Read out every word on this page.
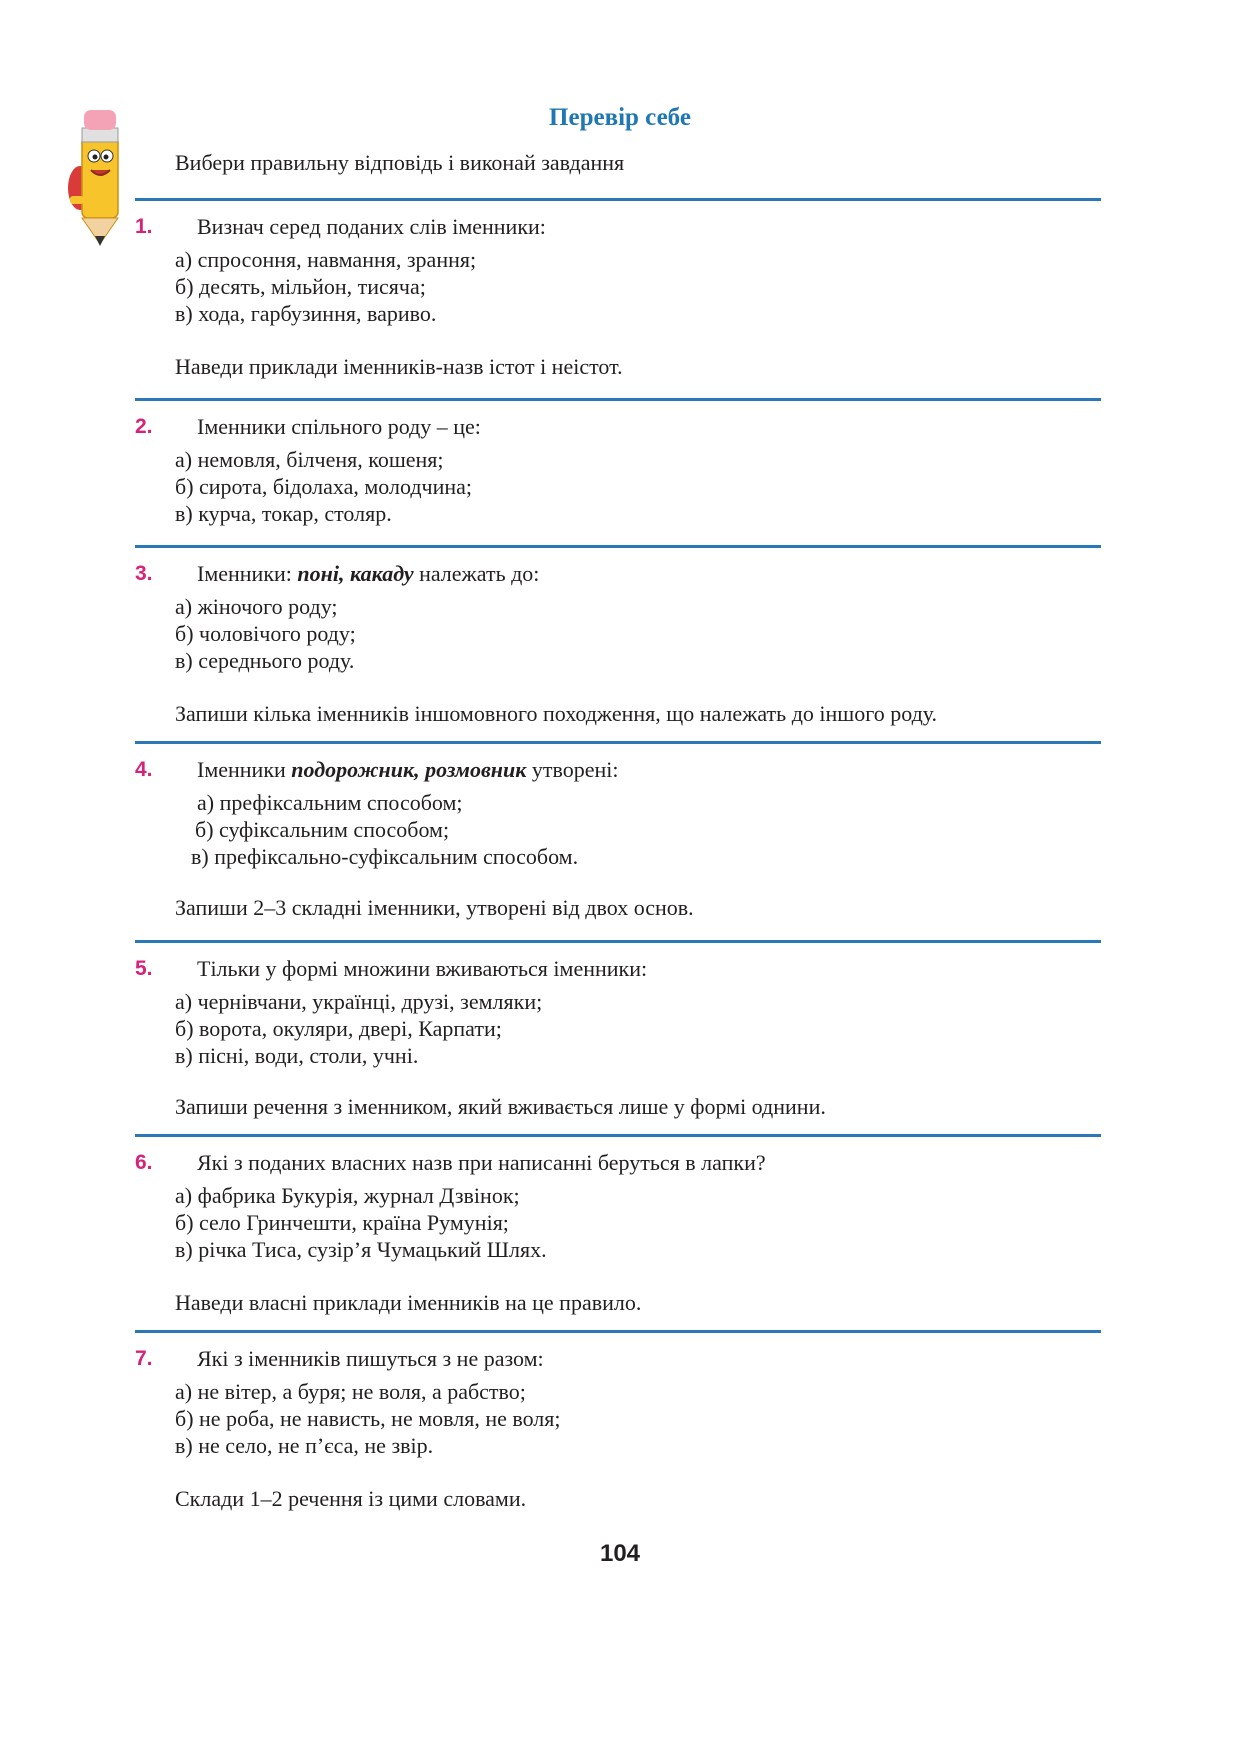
Перевір себе
Вибери правильну відповідь і виконай завдання
1. Визнач серед поданих слів іменники:
а) спросоння, навмання, зрання;
б) десять, мільйон, тисяча;
в) хода, гарбузиння, вариво.
Наведи приклади іменників-назв істот і неістот.
2. Іменники спільного роду – це:
а) немовля, білченя, кошеня;
б) сирота, бідолаха, молодчина;
в) курча, токар, столяр.
3. Іменники: поні, какаду належать до:
а) жіночого роду;
б) чоловічого роду;
в) середнього роду.
Запиши кілька іменників іншомовного походження, що належать до іншого роду.
4. Іменники подорожник, розмовник утворені:
а) префіксальним способом;
б) суфіксальним способом;
в) префіксально-суфіксальним способом.
Запиши 2–3 складні іменники, утворені від двох основ.
5. Тільки у формі множини вживаються іменники:
а) чернівчани, українці, друзі, земляки;
б) ворота, окуляри, двері, Карпати;
в) пісні, води, столи, учні.
Запиши речення з іменником, який вживається лише у формі однини.
6. Які з поданих власних назв при написанні беруться в лапки?
а) фабрика Букурія, журнал Дзвінок;
б) село Гринчешти, країна Румунія;
в) річка Тиса, сузір’я Чумацький Шлях.
Наведи власні приклади іменників на це правило.
7. Які з іменників пишуться з не разом:
а) не вітер, а буря; не воля, а рабство;
б) не роба, не нависть, не мовля, не воля;
в) не село, не п’єса, не звір.
Склади 1–2 речення із цими словами.
104
